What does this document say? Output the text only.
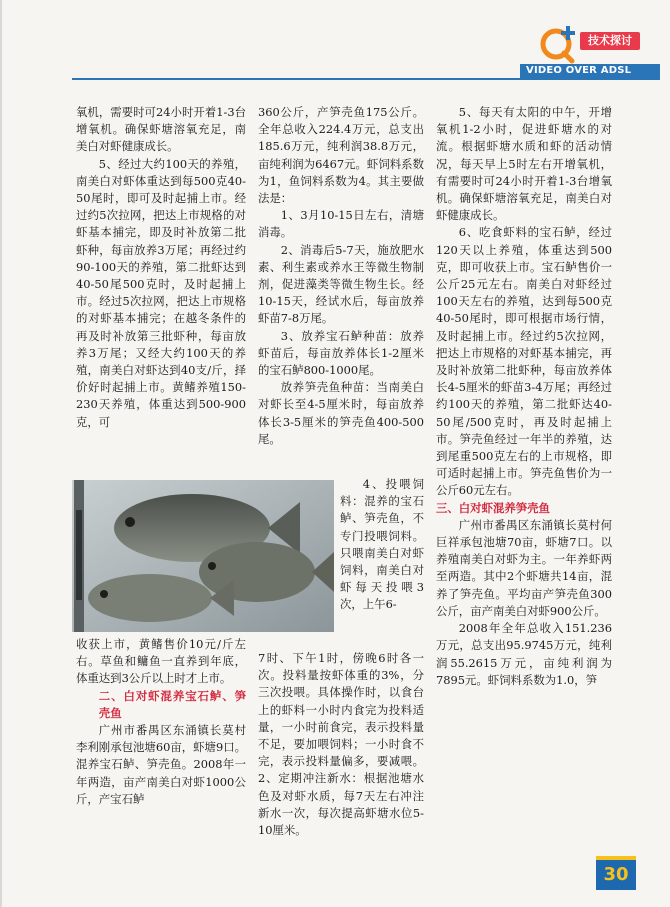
技术探讨
VIDEO OVER ADSL

氧机，需要时可24小时开着1-3台增氧机。确保虾塘溶氧充足，南美白对虾健康成长。

5、经过大约100天的养殖，南美白对虾体重达到每500克40-50尾时，即可及时起捕上市。经过约5次拉网，把达上市规格的对虾基本捕完，即及时补放第二批虾种，每亩放养3万尾；再经过约90-100天的养殖，第二批虾达到40-50尾500克时，及时起捕上市。经过5次拉网，把达上市规格的对虾基本捕完；在越冬条件的再及时补放第三批虾种，每亩放养3万尾；又经大约100天的养殖，南美白对虾达到40支/斤，择价好时起捕上市。黄鳍养殖150-230天养殖，体重达到500-900克，可

收获上市，黄鳍售价10元/斤左右。草鱼和鳙鱼一直养到年底，体重达到3公斤以上时才上市。

二、白对虾混养宝石鲈、笋壳鱼

广州市番禺区东涌镇长莫村李利刚承包池塘60亩，虾塘9口。混养宝石鲈、笋壳鱼。2008年一年两造，亩产南美白对虾1000公斤，产宝石鲈

360公斤，产笋壳鱼175公斤。全年总收入224.4万元，总支出185.6万元，纯利润38.8万元，亩纯利润为6467元。虾饲料系数为1，鱼饲料系数为4。其主要做法是：

1、3月10-15日左右，清塘消毒。

2、消毒后5-7天，施放肥水素、利生素或养水王等微生物制剂，促进藻类等微生物生长。经10-15天，经试水后，每亩放养虾苗7-8万尾。

3、放养宝石鲈种苗：放养虾苗后，每亩放养体长1-2厘米的宝石鲈800-1000尾。

放养笋壳鱼种苗：当南美白对虾长至4-5厘米时，每亩放养体长3-5厘米的笋壳鱼400-500尾。

4、投喂饲料：混养的宝石鲈、笋壳鱼，不专门投喂饲料。只喂南美白对虾饲料，南美白对虾每天投喂3次，上午6-

7时、下午1时，傍晚6时各一次。投料量按虾体重的3%，分三次投喂。具体操作时，以食台上的虾料一小时内食完为投料适量，一小时前食完，表示投料量不足，要加喂饲料；一小时食不完，表示投料量偏多，要减喂。2、定期冲注新水：根据池塘水色及对虾水质，每7天左右冲注新水一次，每次提高虾塘水位5-10厘米。

5、每天有太阳的中午，开增氧机1-2小时，促进虾塘水的对流。根据虾塘水质和虾的活动情况，每天早上5时左右开增氧机，有需要时可24小时开着1-3台增氧机。确保虾塘溶氧充足，南美白对虾健康成长。

6、吃食虾料的宝石鲈，经过120天以上养殖，体重达到500克，即可收获上市。宝石鲈售价一公斤25元左右。南美白对虾经过100天左右的养殖，达到每500克40-50尾时，即可根据市场行情，及时起捕上市。经过约5次拉网，把达上市规格的对虾基本捕完，再及时补放第二批虾种，每亩放养体长4-5厘米的虾苗3-4万尾；再经过约100天的养殖，第二批虾达40-50尾/500克时，再及时起捕上市。笋壳鱼经过一年半的养殖，达到尾重500克左右的上市规格，即可适时起捕上市。笋壳鱼售价为一公斤60元左右。

三、白对虾混养笋壳鱼

广州市番禺区东涌镇长莫村何巨祥承包池塘70亩，虾塘7口。以养殖南美白对虾为主。一年养虾两至两造。其中2个虾塘共14亩，混养了笋壳鱼。平均亩产笋壳鱼300公斤，亩产南美白对虾900公斤。

2008年全年总收入151.236万元，总支出95.9745万元，纯利润55.2615万元，亩纯利润为7895元。虾饲料系数为1.0，笋

30
